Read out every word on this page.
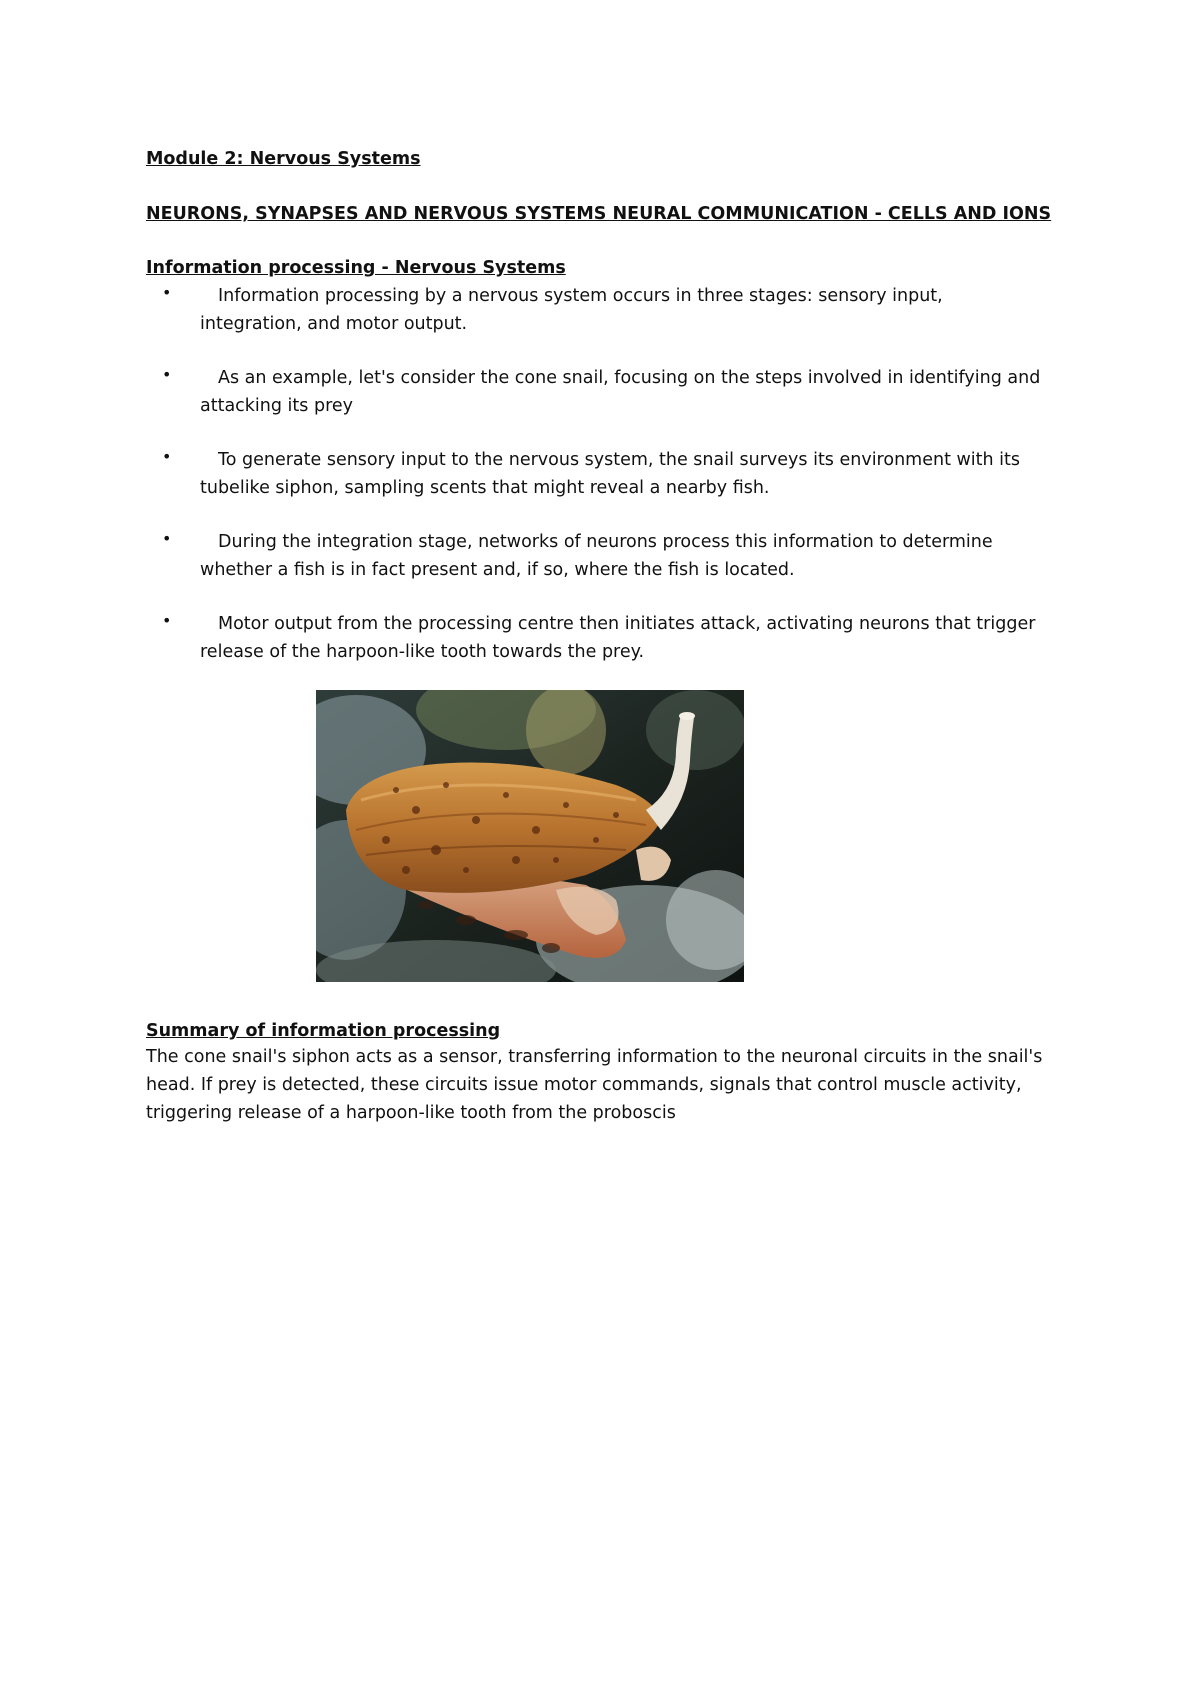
Module 2: Nervous Systems
NEURONS, SYNAPSES AND NERVOUS SYSTEMS NEURAL COMMUNICATION - CELLS AND IONS
Information processing - Nervous Systems
•	Information processing by a nervous system occurs in three stages: sensory input,
integration, and motor output.
•	As an example, let's consider the cone snail, focusing on the steps involved in identifying and
attacking its prey
•	To generate sensory input to the nervous system, the snail surveys its environment with its
tubelike siphon, sampling scents that might reveal a nearby fish.
•	During the integration stage, networks of neurons process this information to determine
whether a fish is in fact present and, if so, where the fish is located.
•	Motor output from the processing centre then initiates attack, activating neurons that trigger
release of the harpoon-like tooth towards the prey.
Summary of information processing
The cone snail's siphon acts as a sensor, transferring information to the neuronal circuits in the snail's
head. If prey is detected, these circuits issue motor commands, signals that control muscle activity,
triggering release of a harpoon-like tooth from the proboscis
